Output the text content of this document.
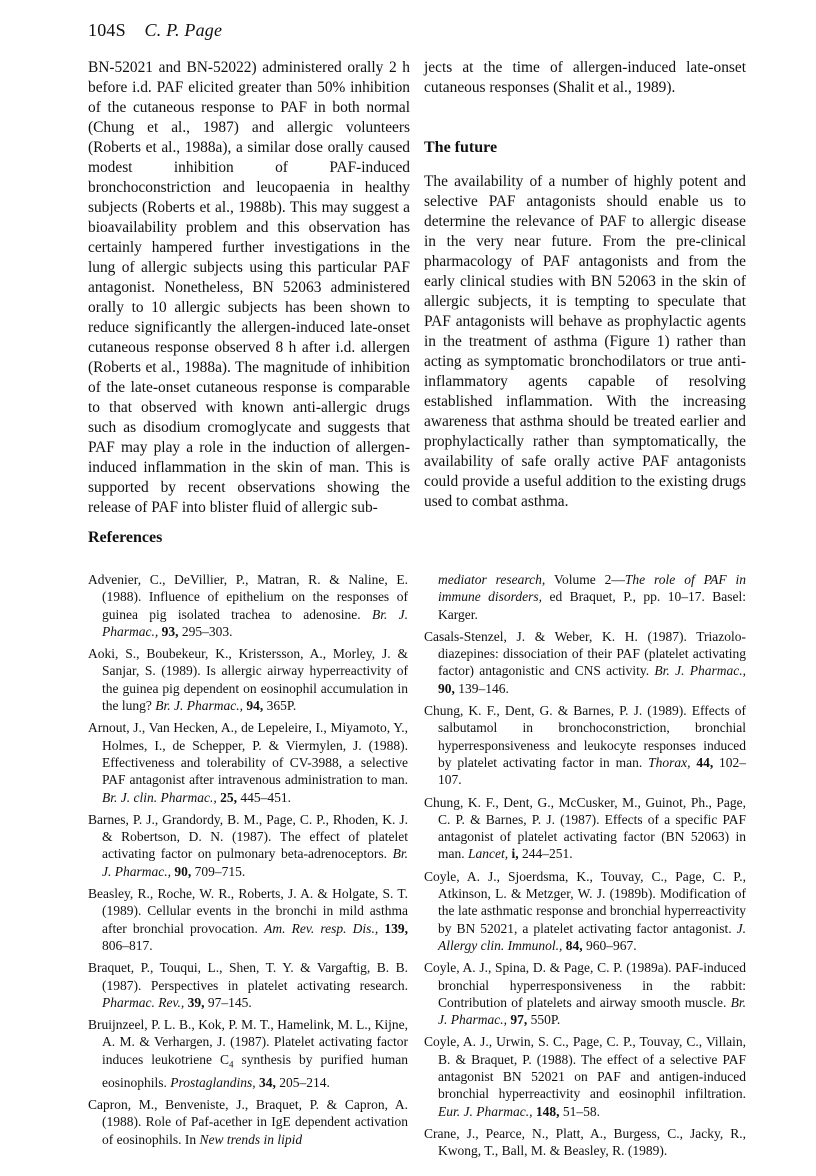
104S C. P. Page

BN-52021 and BN-52022) administered orally 2 h before i.d. PAF elicited greater than 50% inhibition of the cutaneous response to PAF in both normal (Chung et al., 1987) and allergic volunteers (Roberts et al., 1988a), a similar dose orally caused modest inhibition of PAF-induced bronchoconstriction and leucopaenia in healthy subjects (Roberts et al., 1988b). This may suggest a bioavailability problem and this observation has certainly hampered further investigations in the lung of allergic subjects using this particular PAF antagonist. Nonetheless, BN 52063 administered orally to 10 allergic subjects has been shown to reduce significantly the allergen-induced late-onset cutaneous response observed 8 h after i.d. allergen (Roberts et al., 1988a). The magnitude of inhibition of the late-onset cutaneous response is comparable to that observed with known anti-allergic drugs such as disodium cromoglycate and suggests that PAF may play a role in the induction of allergen-induced inflammation in the skin of man. This is supported by recent observations showing the release of PAF into blister fluid of allergic sub-

jects at the time of allergen-induced late-onset cutaneous responses (Shalit et al., 1989).

The future

The availability of a number of highly potent and selective PAF antagonists should enable us to determine the relevance of PAF to allergic disease in the very near future. From the pre-clinical pharmacology of PAF antagonists and from the early clinical studies with BN 52063 in the skin of allergic subjects, it is tempting to speculate that PAF antagonists will behave as prophylactic agents in the treatment of asthma (Figure 1) rather than acting as symptomatic bronchodilators or true anti-inflammatory agents capable of resolving established inflammation. With the increasing awareness that asthma should be treated earlier and prophylactically rather than symptomatically, the availability of safe orally active PAF antagonists could provide a useful addition to the existing drugs used to combat asthma.

References

Advenier, C., DeVillier, P., Matran, R. & Naline, E. (1988). Influence of epithelium on the responses of guinea pig isolated trachea to adenosine. Br. J. Pharmac., 93, 295–303.

Aoki, S., Boubekeur, K., Kristersson, A., Morley, J. & Sanjar, S. (1989). Is allergic airway hyperreactivity of the guinea pig dependent on eosinophil accumulation in the lung? Br. J. Pharmac., 94, 365P.

Arnout, J., Van Hecken, A., de Lepeleire, I., Miyamoto, Y., Holmes, I., de Schepper, P. & Viermylen, J. (1988). Effectiveness and tolerability of CV-3988, a selective PAF antagonist after intravenous administration to man. Br. J. clin. Pharmac., 25, 445–451.

Barnes, P. J., Grandordy, B. M., Page, C. P., Rhoden, K. J. & Robertson, D. N. (1987). The effect of platelet activating factor on pulmonary beta-adrenoceptors. Br. J. Pharmac., 90, 709–715.

Beasley, R., Roche, W. R., Roberts, J. A. & Holgate, S. T. (1989). Cellular events in the bronchi in mild asthma after bronchial provocation. Am. Rev. resp. Dis., 139, 806–817.

Braquet, P., Touqui, L., Shen, T. Y. & Vargaftig, B. B. (1987). Perspectives in platelet activating research. Pharmac. Rev., 39, 97–145.

Bruijnzeel, P. L. B., Kok, P. M. T., Hamelink, M. L., Kijne, A. M. & Verhargen, J. (1987). Platelet activating factor induces leukotriene $C_4$ synthesis by purified human eosinophils. Prostaglandins, 34, 205–214.

Capron, M., Benveniste, J., Braquet, P. & Capron, A. (1988). Role of Paf-acether in IgE dependent activation of eosinophils. In New trends in lipid

mediator research, Volume 2—The role of PAF in immune disorders, ed Braquet, P., pp. 10–17. Basel: Karger.

Casals-Stenzel, J. & Weber, K. H. (1987). Triazolo-diazepines: dissociation of their PAF (platelet activating factor) antagonistic and CNS activity. Br. J. Pharmac., 90, 139–146.

Chung, K. F., Dent, G. & Barnes, P. J. (1989). Effects of salbutamol in bronchoconstriction, bronchial hyperresponsiveness and leukocyte responses induced by platelet activating factor in man. Thorax, 44, 102–107.

Chung, K. F., Dent, G., McCusker, M., Guinot, Ph., Page, C. P. & Barnes, P. J. (1987). Effects of a specific PAF antagonist of platelet activating factor (BN 52063) in man. Lancet, i, 244–251.

Coyle, A. J., Sjoerdsma, K., Touvay, C., Page, C. P., Atkinson, L. & Metzger, W. J. (1989b). Modification of the late asthmatic response and bronchial hyperreactivity by BN 52021, a platelet activating factor antagonist. J. Allergy clin. Immunol., 84, 960–967.

Coyle, A. J., Spina, D. & Page, C. P. (1989a). PAF-induced bronchial hyperresponsiveness in the rabbit: Contribution of platelets and airway smooth muscle. Br. J. Pharmac., 97, 550P.

Coyle, A. J., Urwin, S. C., Page, C. P., Touvay, C., Villain, B. & Braquet, P. (1988). The effect of a selective PAF antagonist BN 52021 on PAF and antigen-induced bronchial hyperreactivity and eosinophil infiltration. Eur. J. Pharmac., 148, 51–58.

Crane, J., Pearce, N., Platt, A., Burgess, C., Jacky, R., Kwong, T., Ball, M. & Beasley, R. (1989).
